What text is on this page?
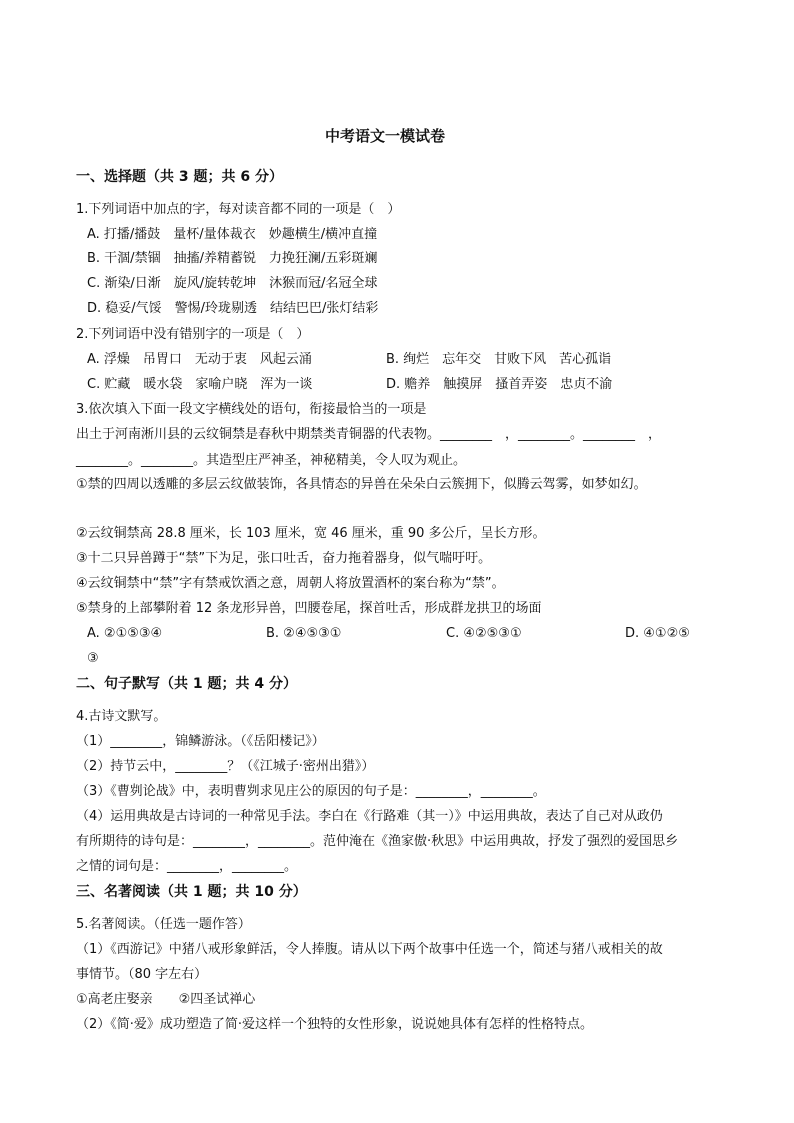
中考语文一模试卷
一、选择题（共 3 题；共 6 分）
1.下列词语中加点的字，每对读音都不同的一项是（　）
A. 打播/播鼓　量杯/量体裁衣　妙趣横生/横冲直撞
B. 干涸/禁锢　抽搐/养精蓄锐　力挽狂澜/五彩斑斓
C. 渐染/日渐　旋风/旋转乾坤　沐猴而冠/名冠全球
D. 稳妥/气馁　警惕/玲珑剔透　结结巴巴/张灯结彩
2.下列词语中没有错别字的一项是（　）
A. 浮燥　吊胃口　无动于衷　风起云涌	B. 绚烂　忘年交　甘败下风　苦心孤诣
C. 贮藏　暖水袋　家喻户晓　浑为一谈	D. 赡养　触摸屏　搔首弄姿　忠贞不渝
3.依次填入下面一段文字横线处的语句，衔接最恰当的一项是
出土于河南淅川县的云纹铜禁是春秋中期禁类青铜器的代表物。________　，________。________　，
________。________。其造型庄严神圣，神秘精美，令人叹为观止。
①禁的四周以透雕的多层云纹做装饰，各具情态的异兽在朵朵白云簇拥下，似腾云驾雾，如梦如幻。
②云纹铜禁高 28.8 厘米，长 103 厘米，宽 46 厘米，重 90 多公斤，呈长方形。
③十二只异兽蹲于“禁”下为足，张口吐舌，奋力拖着器身，似气喘吁吁。
④云纹铜禁中“禁”字有禁戒饮酒之意，周朝人将放置酒杯的案台称为“禁”。
⑤禁身的上部攀附着 12 条龙形异兽，凹腰卷尾，探首吐舌，形成群龙拱卫的场面
A. ②①⑤③④	B. ②④⑤③①	C. ④②⑤③①	D. ④①②⑤
③
二、句子默写（共 1 题；共 4 分）
4.古诗文默写。
（1）________，锦鳞游泳。（《岳阳楼记》）
（2）持节云中，________？（《江城子·密州出猎》）
（3）《曹刿论战》中，表明曹刿求见庄公的原因的句子是：________，________。
（4）运用典故是古诗词的一种常见手法。李白在《行路难（其一）》中运用典故，表达了自己对从政仍
有所期待的诗句是：________，________。范仲淹在《渔家傲·秋思》中运用典故，抒发了强烈的爱国思乡
之情的词句是：________，________。
三、名著阅读（共 1 题；共 10 分）
5.名著阅读。（任选一题作答）
（1）《西游记》中猪八戒形象鲜活，令人捧腹。请从以下两个故事中任选一个，简述与猪八戒相关的故
事情节。（80 字左右）
①高老庄娶亲　　②四圣试禅心
（2）《简·爱》成功塑造了简·爱这样一个独特的女性形象，说说她具体有怎样的性格特点。
